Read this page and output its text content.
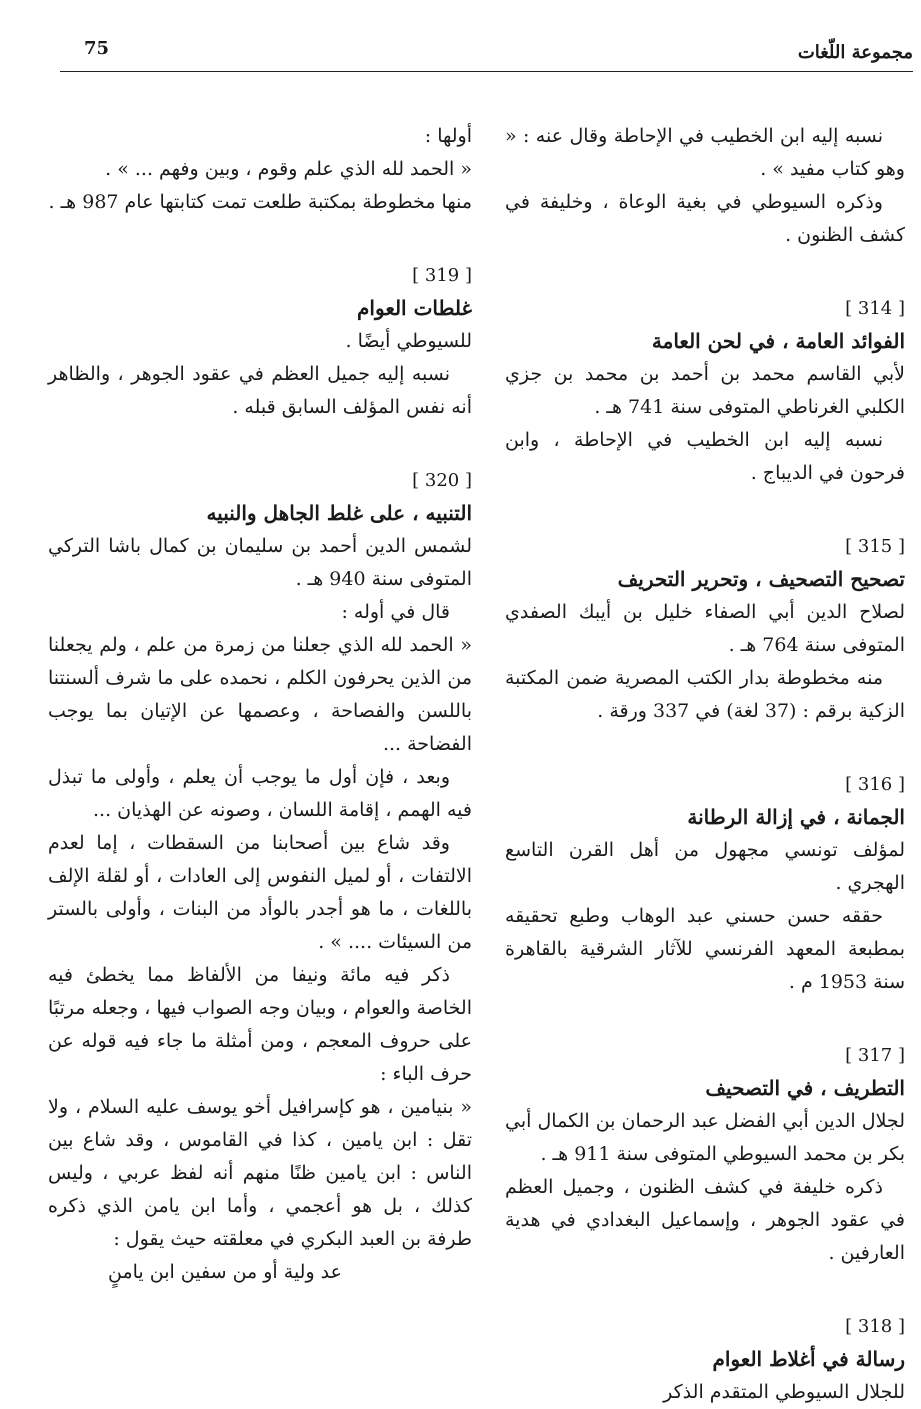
75	مجموعة اللّغات

نسبه إليه ابن الخطيب في الإحاطة وقال عنه : « وهو كتاب مفيد » .

وذكره السيوطي في بغية الوعاة ، وخليفة في كشف الظنون .

[ 314 ]
الفوائد العامة ، في لحن العامة

لأبي القاسم محمد بن أحمد بن محمد بن جزي الكلبي الغرناطي المتوفى سنة 741 هـ .

نسبه إليه ابن الخطيب في الإحاطة ، وابن فرحون في الديباج .

[ 315 ]
تصحيح التصحيف ، وتحرير التحريف

لصلاح الدين أبي الصفاء خليل بن أيبك الصفدي المتوفى سنة 764 هـ .

منه مخطوطة بدار الكتب المصرية ضمن المكتبة الزكية برقم : (37 لغة) في 337 ورقة .

[ 316 ]
الجمانة ، في إزالة الرطانة

لمؤلف تونسي مجهول من أهل القرن التاسع الهجري .

حققه حسن حسني عبد الوهاب وطبع تحقيقه بمطبعة المعهد الفرنسي للآثار الشرقية بالقاهرة سنة 1953 م .

[ 317 ]
التطريف ، في التصحيف

لجلال الدين أبي الفضل عبد الرحمان بن الكمال أبي بكر بن محمد السيوطي المتوفى سنة 911 هـ .

ذكره خليفة في كشف الظنون ، وجميل العظم في عقود الجوهر ، وإسماعيل البغدادي في هدية العارفين .

[ 318 ]
رسالة في أغلاط العوام

للجلال السيوطي المتقدم الذكر

أولها :

« الحمد لله الذي علم وقوم ، وبين وفهم ... » .

منها مخطوطة بمكتبة طلعت تمت كتابتها عام 987 هـ .

[ 319 ]
غلطات العوام

للسيوطي أيضًا .

نسبه إليه جميل العظم في عقود الجوهر ، والظاهر أنه نفس المؤلف السابق قبله .

[ 320 ]
التنبيه ، على غلط الجاهل والنبيه

لشمس الدين أحمد بن سليمان بن كمال باشا التركي المتوفى سنة 940 هـ .

قال في أوله :

« الحمد لله الذي جعلنا من زمرة من علم ، ولم يجعلنا من الذين يحرفون الكلم ، نحمده على ما شرف ألسنتنا باللسن والفصاحة ، وعصمها عن الإتيان بما يوجب الفضاحة ...

وبعد ، فإن أول ما يوجب أن يعلم ، وأولى ما تبذل فيه الهمم ، إقامة اللسان ، وصونه عن الهذيان ...

وقد شاع بين أصحابنا من السقطات ، إما لعدم الالتفات ، أو لميل النفوس إلى العادات ، أو لقلة الإلف باللغات ، ما هو أجدر بالوأد من البنات ، وأولى بالستر من السيئات .... » .

ذكر فيه مائة ونيفا من الألفاظ مما يخطئ فيه الخاصة والعوام ، وبيان وجه الصواب فيها ، وجعله مرتبًا على حروف المعجم ، ومن أمثلة ما جاء فيه قوله عن حرف الباء :

« بنيامين ، هو كإسرافيل أخو يوسف عليه السلام ، ولا تقل : ابن يامين ، كذا في القاموس ، وقد شاع بين الناس : ابن يامين ظنًا منهم أنه لفظ عربي ، وليس كذلك ، بل هو أعجمي ، وأما ابن يامن الذي ذكره طرفة بن العبد البكري في معلقته حيث يقول :

عد ولية أو من سفين ابن يامنٍ
